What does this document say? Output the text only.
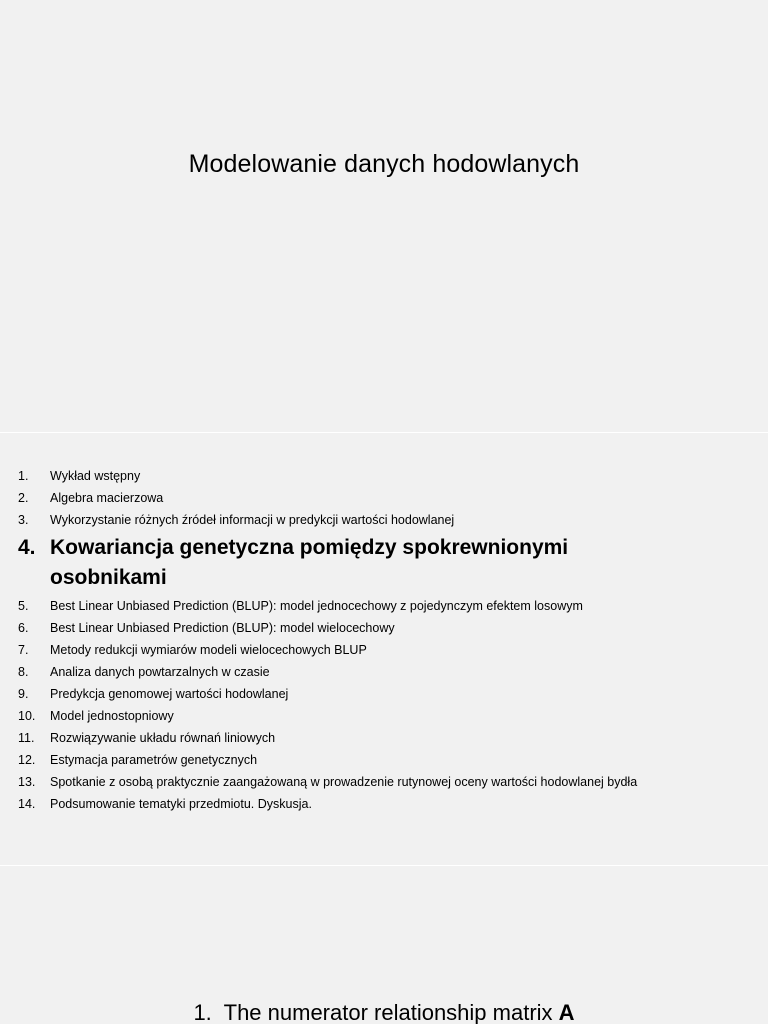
Modelowanie danych hodowlanych
1.	Wykład wstępny
2.	Algebra macierzowa
3.	Wykorzystanie różnych źródeł informacji w predykcji wartości hodowlanej
4. Kowariancja genetyczna pomiędzy spokrewnionymi osobnikami
5.	Best Linear Unbiased Prediction (BLUP): model jednocechowy z pojedynczym efektem losowym
6.	Best Linear Unbiased Prediction (BLUP): model wielocechowy
7.	Metody redukcji wymiarów modeli wielocechowych BLUP
8.	Analiza danych powtarzalnych w czasie
9.	Predykcja genomowej wartości hodowlanej
10.	Model jednostopniowy
11.	Rozwiązywanie układu równań liniowych
12.	Estymacja parametrów genetycznych
13.	Spotkanie z osobą praktycznie zaangażowaną w prowadzenie rutynowej oceny wartości hodowlanej bydła
14.	Podsumowanie tematyki przedmiotu. Dyskusja.
1. The numerator relationship matrix A
